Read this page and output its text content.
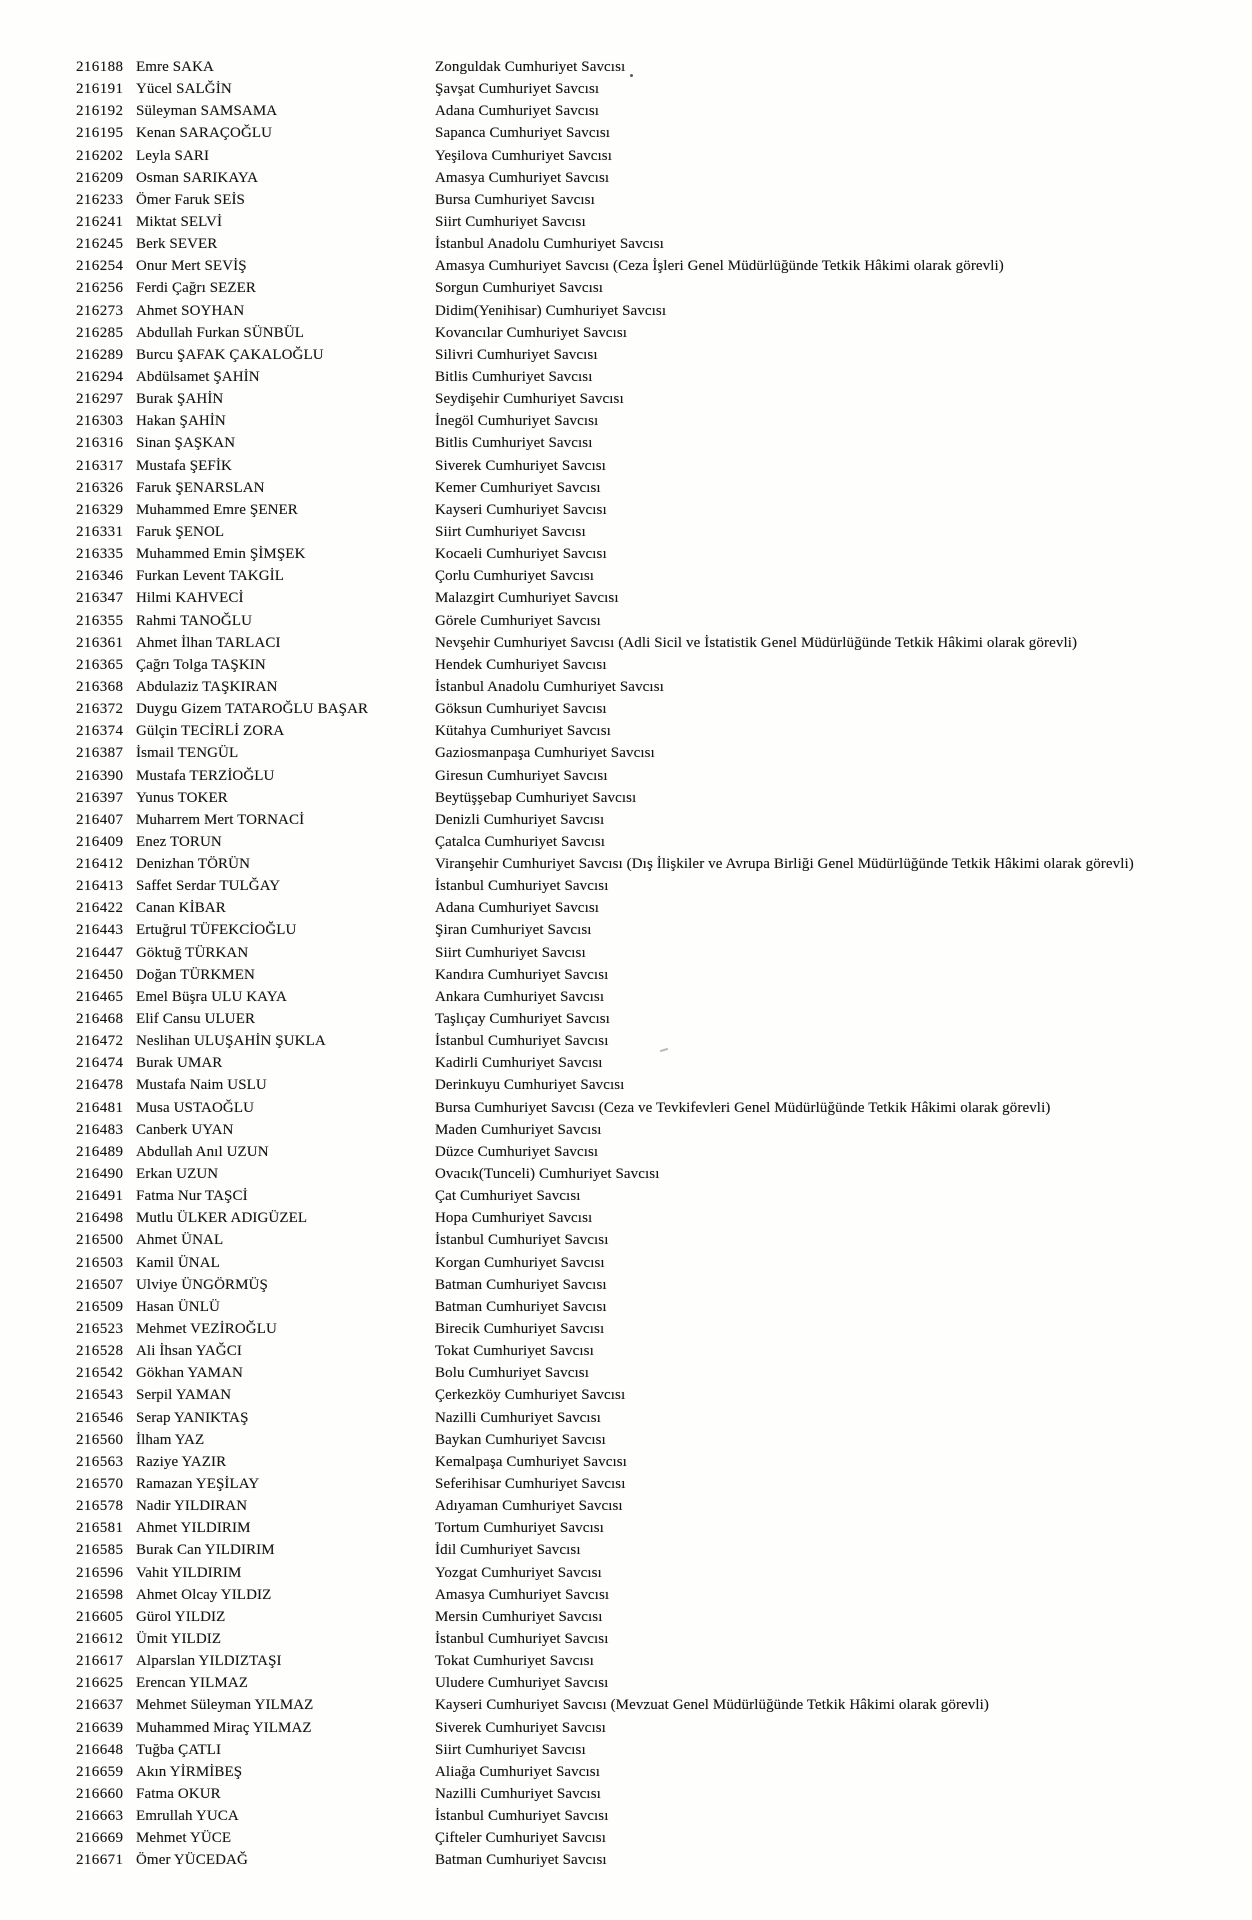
216188 Emre SAKA	Zonguldak Cumhuriyet Savcısı
216191 Yücel SALĞİN	Şavşat Cumhuriyet Savcısı
216192 Süleyman SAMSAMA	Adana Cumhuriyet Savcısı
216195 Kenan SARAÇOĞLU	Sapanca Cumhuriyet Savcısı
216202 Leyla SARI	Yeşilova Cumhuriyet Savcısı
216209 Osman SARIKAYA	Amasya Cumhuriyet Savcısı
216233 Ömer Faruk SEİS	Bursa Cumhuriyet Savcısı
216241 Miktat SELVİ	Siirt Cumhuriyet Savcısı
216245 Berk SEVER	İstanbul Anadolu Cumhuriyet Savcısı
216254 Onur Mert SEVİŞ	Amasya Cumhuriyet Savcısı (Ceza İşleri Genel Müdürlüğünde Tetkik Hâkimi olarak görevli)
216256 Ferdi Çağrı SEZER	Sorgun Cumhuriyet Savcısı
216273 Ahmet SOYHAN	Didim(Yenihisar) Cumhuriyet Savcısı
216285 Abdullah Furkan SÜNBÜL	Kovancılar Cumhuriyet Savcısı
216289 Burcu ŞAFAK ÇAKALOĞLU	Silivri Cumhuriyet Savcısı
216294 Abdülsamet ŞAHİN	Bitlis Cumhuriyet Savcısı
216297 Burak ŞAHİN	Seydişehir Cumhuriyet Savcısı
216303 Hakan ŞAHİN	İnegöl Cumhuriyet Savcısı
216316 Sinan ŞAŞKAN	Bitlis Cumhuriyet Savcısı
216317 Mustafa ŞEFİK	Siverek Cumhuriyet Savcısı
216326 Faruk ŞENARSLAN	Kemer Cumhuriyet Savcısı
216329 Muhammed Emre ŞENER	Kayseri Cumhuriyet Savcısı
216331 Faruk ŞENOL	Siirt Cumhuriyet Savcısı
216335 Muhammed Emin ŞİMŞEK	Kocaeli Cumhuriyet Savcısı
216346 Furkan Levent TAKGİL	Çorlu Cumhuriyet Savcısı
216347 Hilmi KAHVECİ	Malazgirt Cumhuriyet Savcısı
216355 Rahmi TANOĞLU	Görele Cumhuriyet Savcısı
216361 Ahmet İlhan TARLACI	Nevşehir Cumhuriyet Savcısı (Adli Sicil ve İstatistik Genel Müdürlüğünde Tetkik Hâkimi olarak görevli)
216365 Çağrı Tolga TAŞKIN	Hendek Cumhuriyet Savcısı
216368 Abdulaziz TAŞKIRAN	İstanbul Anadolu Cumhuriyet Savcısı
216372 Duygu Gizem TATAROĞLU BAŞAR	Göksun Cumhuriyet Savcısı
216374 Gülçin TECİRLİ ZORA	Kütahya Cumhuriyet Savcısı
216387 İsmail TENGÜL	Gaziosmanpaşa Cumhuriyet Savcısı
216390 Mustafa TERZİOĞLU	Giresun Cumhuriyet Savcısı
216397 Yunus TOKER	Beytüşşebap Cumhuriyet Savcısı
216407 Muharrem Mert TORNACİ	Denizli Cumhuriyet Savcısı
216409 Enez TORUN	Çatalca Cumhuriyet Savcısı
216412 Denizhan TÖRÜN	Viranşehir Cumhuriyet Savcısı (Dış İlişkiler ve Avrupa Birliği Genel Müdürlüğünde Tetkik Hâkimi olarak görevli)
216413 Saffet Serdar TULĞAY	İstanbul Cumhuriyet Savcısı
216422 Canan KİBAR	Adana Cumhuriyet Savcısı
216443 Ertuğrul TÜFEKCİOĞLU	Şiran Cumhuriyet Savcısı
216447 Göktuğ TÜRKAN	Siirt Cumhuriyet Savcısı
216450 Doğan TÜRKMEN	Kandıra Cumhuriyet Savcısı
216465 Emel Büşra ULU KAYA	Ankara Cumhuriyet Savcısı
216468 Elif Cansu ULUER	Taşlıçay Cumhuriyet Savcısı
216472 Neslihan ULUŞAHİN ŞUKLA	İstanbul Cumhuriyet Savcısı
216474 Burak UMAR	Kadirli Cumhuriyet Savcısı
216478 Mustafa Naim USLU	Derinkuyu Cumhuriyet Savcısı
216481 Musa USTAOĞLU	Bursa Cumhuriyet Savcısı (Ceza ve Tevkifevleri Genel Müdürlüğünde Tetkik Hâkimi olarak görevli)
216483 Canberk UYAN	Maden Cumhuriyet Savcısı
216489 Abdullah Anıl UZUN	Düzce Cumhuriyet Savcısı
216490 Erkan UZUN	Ovacık(Tunceli) Cumhuriyet Savcısı
216491 Fatma Nur TAŞCİ	Çat Cumhuriyet Savcısı
216498 Mutlu ÜLKER ADIGÜZEL	Hopa Cumhuriyet Savcısı
216500 Ahmet ÜNAL	İstanbul Cumhuriyet Savcısı
216503 Kamil ÜNAL	Korgan Cumhuriyet Savcısı
216507 Ulviye ÜNGÖRMÜŞ	Batman Cumhuriyet Savcısı
216509 Hasan ÜNLÜ	Batman Cumhuriyet Savcısı
216523 Mehmet VEZİROĞLU	Birecik Cumhuriyet Savcısı
216528 Ali İhsan YAĞCI	Tokat Cumhuriyet Savcısı
216542 Gökhan YAMAN	Bolu Cumhuriyet Savcısı
216543 Serpil YAMAN	Çerkezköy Cumhuriyet Savcısı
216546 Serap YANIKTAŞ	Nazilli Cumhuriyet Savcısı
216560 İlham YAZ	Baykan Cumhuriyet Savcısı
216563 Raziye YAZIR	Kemalpaşa Cumhuriyet Savcısı
216570 Ramazan YEŞİLAY	Seferihisar Cumhuriyet Savcısı
216578 Nadir YILDIRAN	Adıyaman Cumhuriyet Savcısı
216581 Ahmet YILDIRIM	Tortum Cumhuriyet Savcısı
216585 Burak Can YILDIRIM	İdil Cumhuriyet Savcısı
216596 Vahit YILDIRIM	Yozgat Cumhuriyet Savcısı
216598 Ahmet Olcay YILDIZ	Amasya Cumhuriyet Savcısı
216605 Gürol YILDIZ	Mersin Cumhuriyet Savcısı
216612 Ümit YILDIZ	İstanbul Cumhuriyet Savcısı
216617 Alparslan YILDIZTAŞI	Tokat Cumhuriyet Savcısı
216625 Erencan YILMAZ	Uludere Cumhuriyet Savcısı
216637 Mehmet Süleyman YILMAZ	Kayseri Cumhuriyet Savcısı (Mevzuat Genel Müdürlüğünde Tetkik Hâkimi olarak görevli)
216639 Muhammed Miraç YILMAZ	Siverek Cumhuriyet Savcısı
216648 Tuğba ÇATLI	Siirt Cumhuriyet Savcısı
216659 Akın YİRMİBEŞ	Aliağa Cumhuriyet Savcısı
216660 Fatma OKUR	Nazilli Cumhuriyet Savcısı
216663 Emrullah YUCA	İstanbul Cumhuriyet Savcısı
216669 Mehmet YÜCE	Çifteler Cumhuriyet Savcısı
216671 Ömer YÜCEDAĞ	Batman Cumhuriyet Savcısı
